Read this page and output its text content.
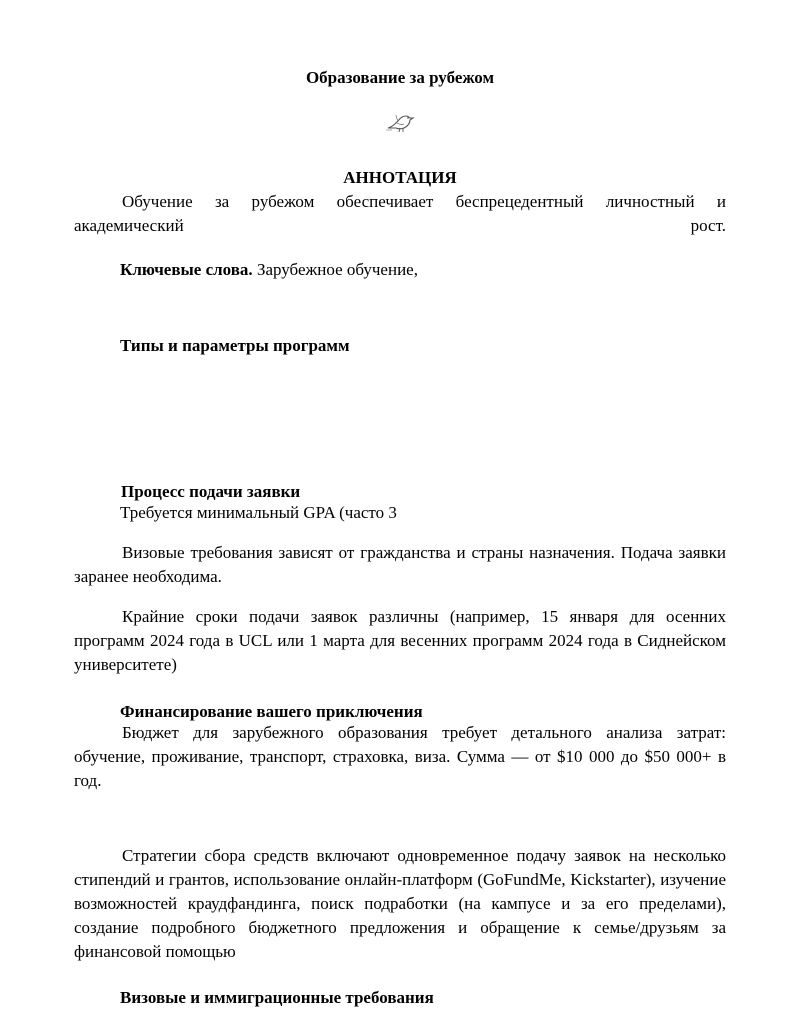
Образование за рубежом
АННОТАЦИЯ
Обучение за рубежом обеспечивает беспрецедентный личностный и академический рост.
Ключевые слова. Зарубежное обучение,
Типы и параметры программ
Процесс подачи заявки
Требуется минимальный GPA (часто 3
Визовые требования зависят от гражданства и страны назначения. Подача заявки заранее необходима.
Крайние сроки подачи заявок различны (например, 15 января для осенних программ 2024 года в UCL или 1 марта для весенних программ 2024 года в Сиднейском университете)
Финансирование вашего приключения
Бюджет для зарубежного образования требует детального анализа затрат: обучение, проживание, транспорт, страховка, виза. Сумма — от $10 000 до $50 000+ в год.
Стратегии сбора средств включают одновременное подачу заявок на несколько стипендий и грантов, использование онлайн-платформ (GoFundMe, Kickstarter), изучение возможностей краудфандинга, поиск подработки (на кампусе и за его пределами), создание подробного бюджетного предложения и обращение к семье/друзьям за финансовой помощью
Визовые и иммиграционные требования
